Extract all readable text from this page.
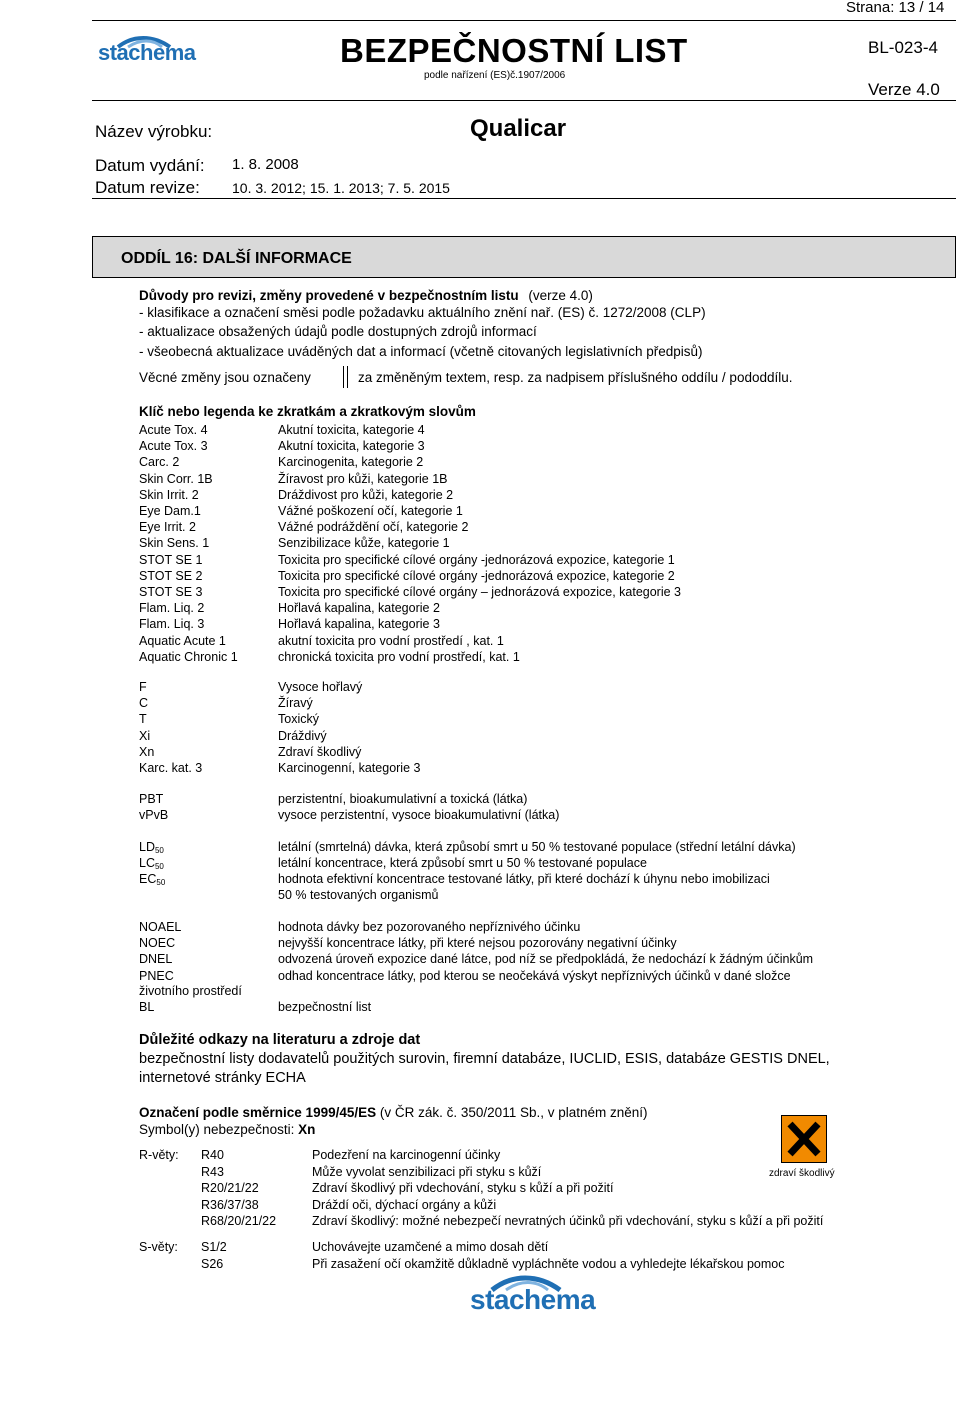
Strana: 13 / 14
stachema	BEZPEČNOSTNÍ LIST
podle nařízení (ES)č.1907/2006
BL-023-4
Verze 4.0
Název výrobku:	Qualicar
Datum vydání: 1. 8. 2008
Datum revize: 10. 3. 2012; 15. 1. 2013; 7. 5. 2015
ODDÍL 16: DALŠÍ INFORMACE
Důvody pro revizi, změny provedené v bezpečnostním listu (verze 4.0)
- klasifikace a označení směsi podle požadavku aktuálního znění nař. (ES) č. 1272/2008 (CLP)
- aktualizace obsažených údajů podle dostupných zdrojů informací
- všeobecná aktualizace uváděných dat a informací (včetně citovaných legislativních předpisů)
Věcné změny jsou označeny	za změněným textem, resp. za nadpisem příslušného oddílu / pododdílu.
Klíč nebo legenda ke zkratkám a zkratkovým slovům
Acute Tox. 4	Akutní toxicita, kategorie 4
Acute Tox. 3	Akutní toxicita, kategorie 3
Carc. 2	Karcinogenita, kategorie 2
Skin Corr. 1B	Žíravost pro kůži, kategorie 1B
Skin Irrit. 2	Dráždivost pro kůži, kategorie 2
Eye Dam.1	Vážné poškození očí, kategorie 1
Eye Irrit. 2	Vážné podráždění očí, kategorie 2
Skin Sens. 1	Senzibilizace kůže, kategorie 1
STOT SE 1	Toxicita pro specifické cílové orgány -jednorázová expozice, kategorie 1
STOT SE 2	Toxicita pro specifické cílové orgány -jednorázová expozice, kategorie 2
STOT SE 3	Toxicita pro specifické cílové orgány – jednorázová expozice, kategorie 3
Flam. Liq. 2	Hořlavá kapalina, kategorie 2
Flam. Liq. 3	Hořlavá kapalina, kategorie 3
Aquatic Acute 1	akutní toxicita pro vodní prostředí , kat. 1
Aquatic Chronic 1	chronická toxicita pro vodní prostředí, kat. 1
F	Vysoce hořlavý
C	Žíravý
T	Toxický
Xi	Dráždivý
Xn	Zdraví škodlivý
Karc. kat. 3	Karcinogenní, kategorie 3
PBT	perzistentní, bioakumulativní a toxická (látka)
vPvB	vysoce perzistentní, vysoce bioakumulativní (látka)
$LD_{50}$	letální (smrtelná) dávka, která způsobí smrt u 50 % testované populace (střední letální dávka)
$LC_{50}$	letální koncentrace, která způsobí smrt u 50 % testované populace
$EC_{50}$	hodnota efektivní koncentrace testované látky, při které dochází k úhynu nebo imobilizaci
50 % testovaných organismů
NOAEL	hodnota dávky bez pozorovaného nepříznivého účinku
NOEC	nejvyšší koncentrace látky, při které nejsou pozorovány negativní účinky
DNEL	odvozená úroveň expozice dané látce, pod níž se předpokládá, že nedochází k žádným účinkům
PNEC	odhad koncentrace látky, pod kterou se neočekává výskyt nepříznivých účinků v dané složce
životního prostředí
BL	bezpečnostní list
Důležité odkazy na literaturu a zdroje dat
bezpečnostní listy dodavatelů použitých surovin, firemní databáze, IUCLID, ESIS, databáze GESTIS DNEL,
internetové stránky ECHA
Označení podle směrnice 1999/45/ES (v ČR zák. č. 350/2011 Sb., v platném znění)
Symbol(y) nebezpečnosti: Xn
zdraví škodlivý
R-věty: R40	Podezření na karcinogenní účinky
R43	Může vyvolat senzibilizaci při styku s kůží
R20/21/22	Zdraví škodlivý při vdechování, styku s kůží a při požití
R36/37/38	Dráždí oči, dýchací orgány a kůži
R68/20/21/22	Zdraví škodlivý: možné nebezpečí nevratných účinků při vdechování, styku s kůží a při požití
S-věty: S1/2	Uchovávejte uzamčené a mimo dosah dětí
S26	Při zasažení očí okamžitě důkladně vypláchněte vodou a vyhledejte lékařskou pomoc
stachema
